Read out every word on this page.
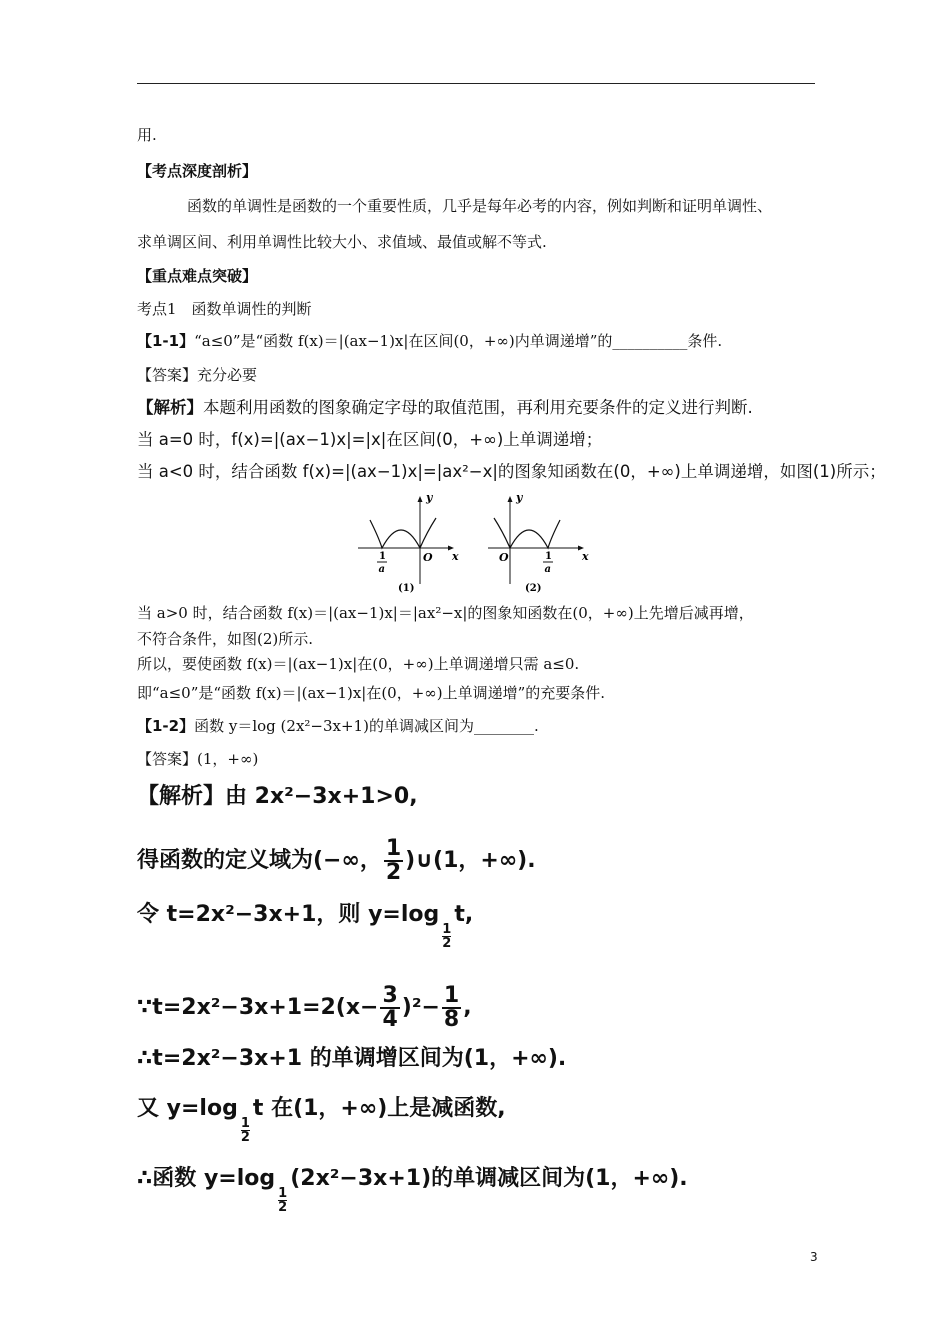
用.
【考点深度剖析】
函数的单调性是函数的一个重要性质，几乎是每年必考的内容，例如判断和证明单调性、
求单调区间、利用单调性比较大小、求值域、最值或解不等式.
【重点难点突破】
考点1　函数单调性的判断
【1-1】“a≤0”是“函数 f(x)＝|(ax−1)x|在区间(0，+∞)内单调递增”的__________条件.
【答案】充分必要
【解析】本题利用函数的图象确定字母的取值范围，再利用充要条件的定义进行判断.
当 a=0 时，f(x)=|(ax−1)x|=|x|在区间(0，+∞)上单调递增；
当 a<0 时，结合函数 f(x)=|(ax−1)x|=|ax²−x|的图象知函数在(0，+∞)上单调递增，如图(1)所示；
y
x
O
1
a
(1)
y
x
O	1
a
(2)
当 a>0 时，结合函数 f(x)＝|(ax−1)x|＝|ax²−x|的图象知函数在(0，+∞)上先增后减再增，
不符合条件，如图(2)所示.
所以，要使函数 f(x)＝|(ax−1)x|在(0，+∞)上单调递增只需 a≤0.
即“a≤0”是“函数 f(x)＝|(ax−1)x|在(0，+∞)上单调递增”的充要条件.
【1-2】函数 y＝log (2x²−3x+1)的单调减区间为________.
【答案】(1，+∞)
【解析】由 2x²−3x+1>0,
得函数的定义域为(−∞， $\frac{1}{2}$ )∪(1，+∞).
令 t=2x²−3x+1，则 y=log
$\frac{1}{2}$
t,
∵t=2x²−3x+1=2(x− $\frac{3}{4} )^2- \frac{1}{8}$ ,
∴t=2x²−3x+1 的单调增区间为(1，+∞).
又 y=log
$\frac{1}{2}$
t 在(1，+∞)上是减函数,
∴函数 y=log
$\frac{1}{2}$
(2x²−3x+1)的单调减区间为(1，+∞).
3
